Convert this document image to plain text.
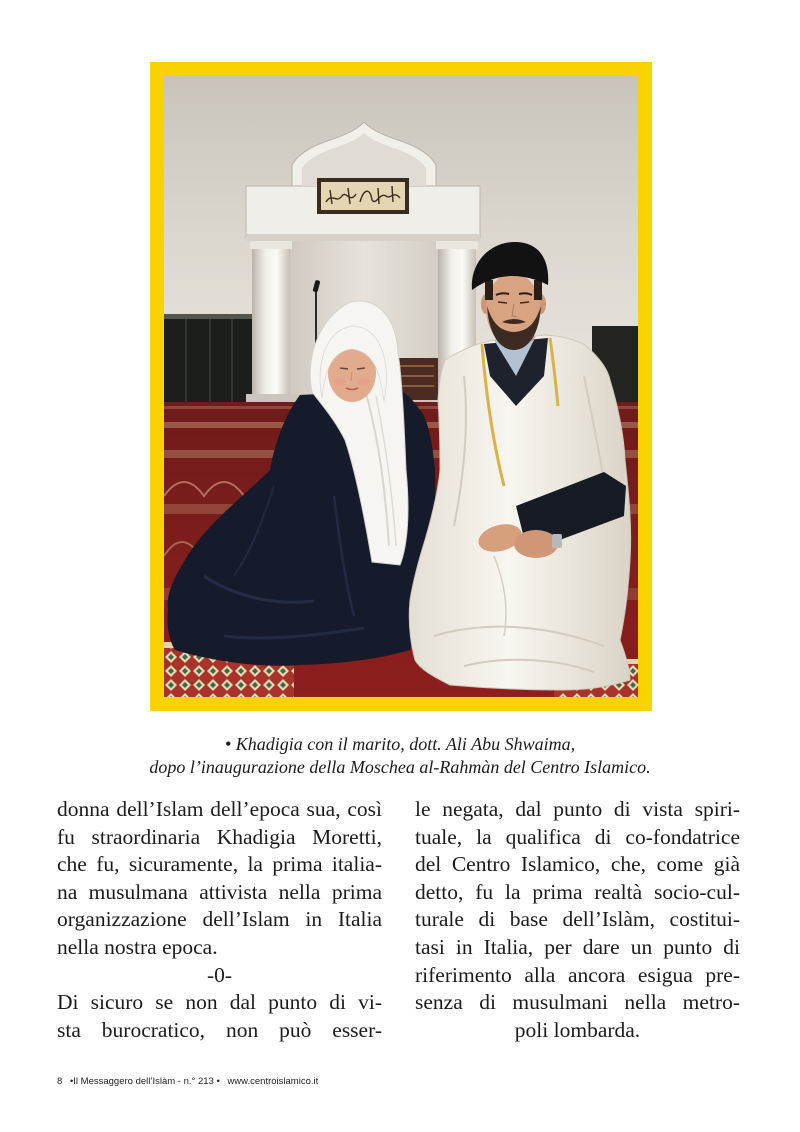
• Khadigia con il marito, dott. Ali Abu Shwaima,
dopo l’inaugurazione della Moschea al-Rahmàn del Centro Islamico.
donna dell’Islam dell’epoca sua, così
fu straordinaria Khadigia Moretti,
che fu, sicuramente, la prima italia-
na musulmana attivista nella prima
organizzazione dell’Islam in Italia
nella nostra epoca.
-0-
Di sicuro se non dal punto di vi-
sta burocratico, non può esser-
le negata, dal punto di vista spiri-
tuale, la qualifica di co-fondatrice
del Centro Islamico, che, come già
detto, fu la prima realtà socio-cul-
turale di base dell’Islàm, costitui-
tasi in Italia, per dare un punto di
riferimento alla ancora esigua pre-
senza di musulmani nella metro-
poli lombarda.
8 •Il Messaggero dell’Islàm - n.° 213 • www.centroislamico.it
